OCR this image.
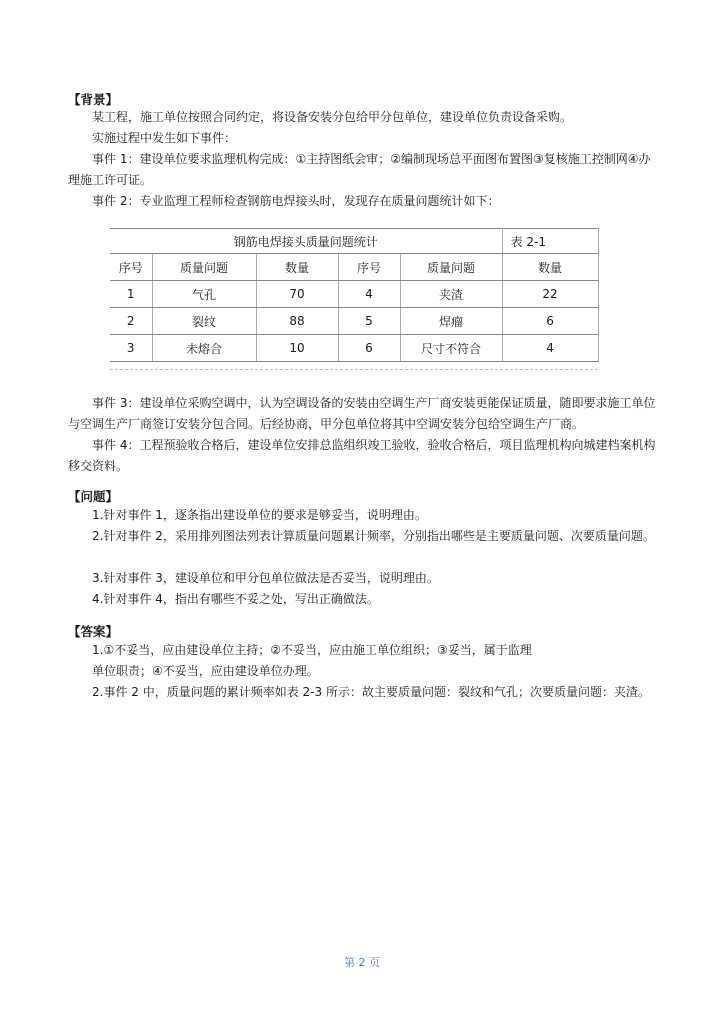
【背景】

某工程，施工单位按照合同约定，将设备安装分包给甲分包单位，建设单位负责设备采购。

实施过程中发生如下事件：

事件 1：建设单位要求监理机构完成：①主持图纸会审；②编制现场总平面图布置图③复核施工控制网④办理施工许可证。

事件 2：专业监理工程师检查钢筋电焊接头时，发现存在质量问题统计如下：

钢筋电焊接头质量问题统计					表 2-1
序号	质量问题	数量	序号	质量问题	数量
1	气孔	70	4	夹渣	22
2	裂纹	88	5	焊瘤	6
3	未熔合	10	6	尺寸不符合	4

事件 3：建设单位采购空调中，认为空调设备的安装由空调生产厂商安装更能保证质量，随即要求施工单位与空调生产厂商签订安装分包合同。后经协商，甲分包单位将其中空调安装分包给空调生产厂商。

事件 4：工程预验收合格后，建设单位安排总监组织竣工验收，验收合格后，项目监理机构向城建档案机构移交资料。

【问题】

1.针对事件 1，逐条指出建设单位的要求是够妥当，说明理由。

2.针对事件 2，采用排列图法列表计算质量问题累计频率，分别指出哪些是主要质量问题、次要质量问题。

3.针对事件 3，建设单位和甲分包单位做法是否妥当，说明理由。

4.针对事件 4，指出有哪些不妥之处，写出正确做法。

【答案】

1.①不妥当，应由建设单位主持；②不妥当，应由施工单位组织；③妥当，属于监理

单位职责；④不妥当，应由建设单位办理。

2.事件 2 中，质量问题的累计频率如表 2-3 所示：故主要质量问题：裂纹和气孔；次要质量问题：夹渣。

第 2 页
